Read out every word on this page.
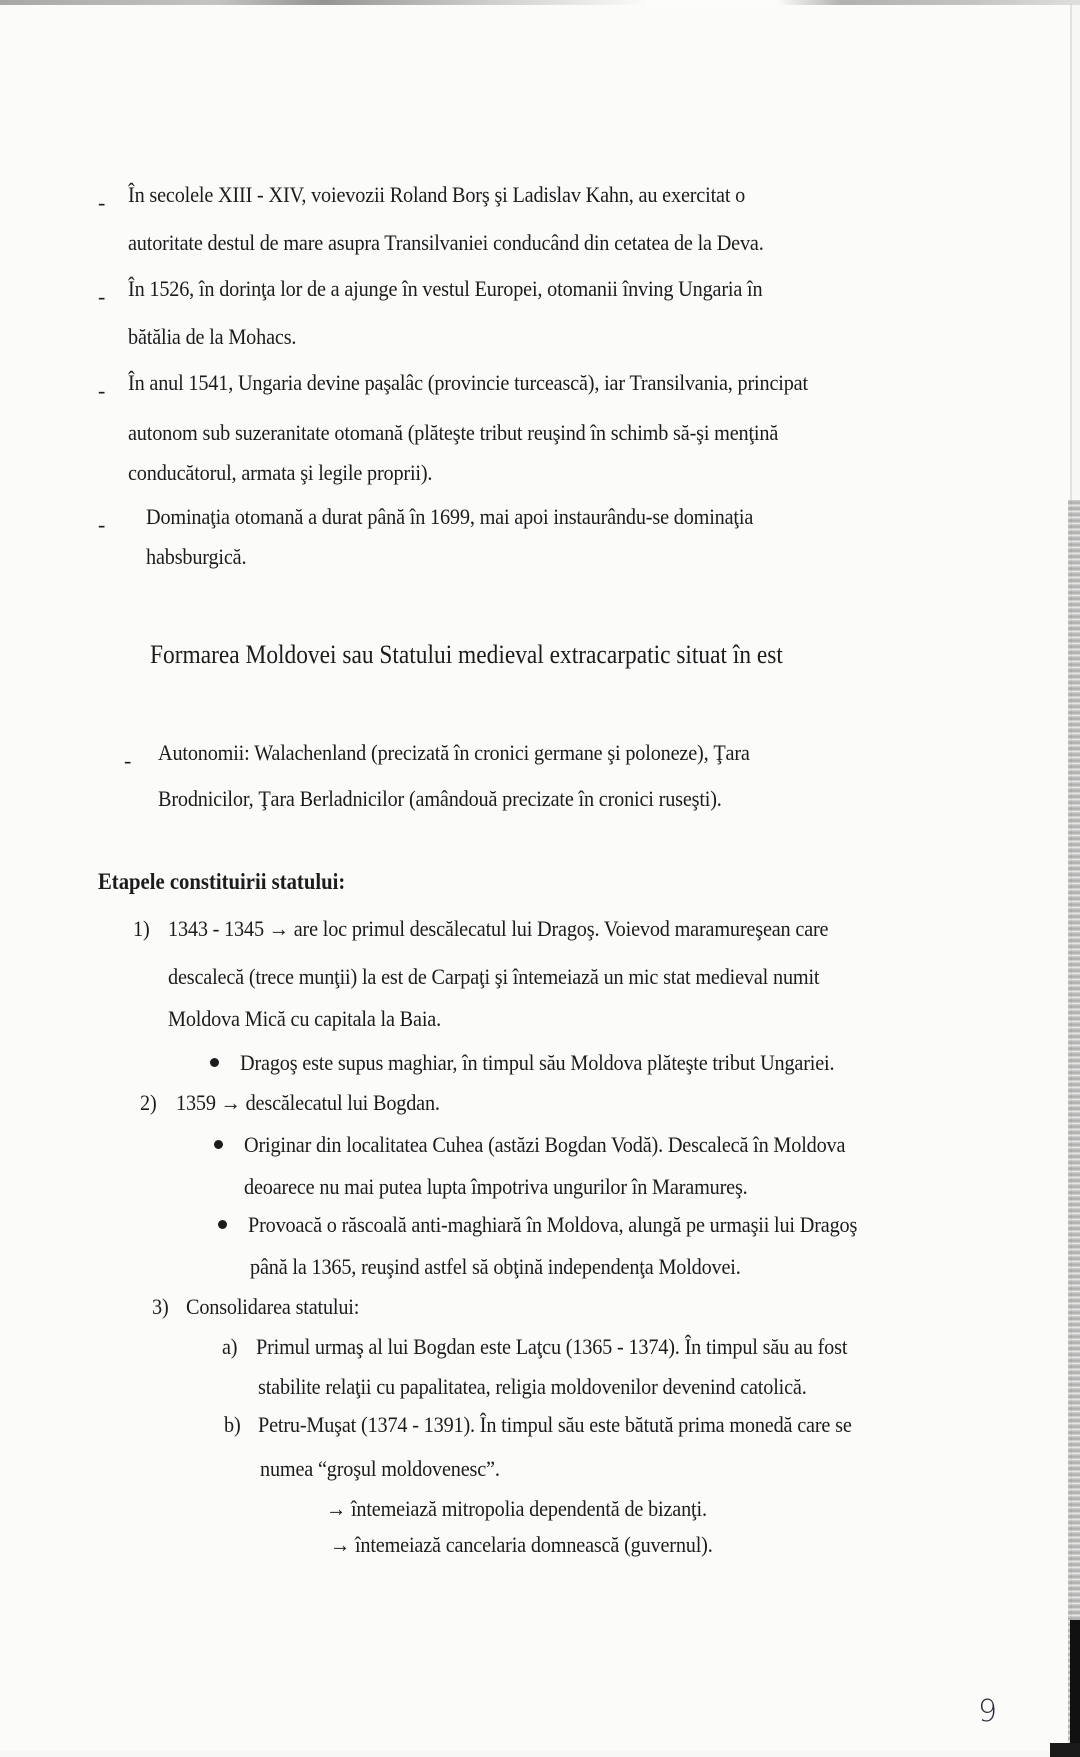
- În secolele XIII - XIV, voievozii Roland Borş şi Ladislav Kahn, au exercitat o
autoritate destul de mare asupra Transilvaniei conducând din cetatea de la Deva.
- În 1526, în dorinţa lor de a ajunge în vestul Europei, otomanii înving Ungaria în
bătălia de la Mohacs.
- În anul 1541, Ungaria devine paşalâc (provincie turcească), iar Transilvania, principat
autonom sub suzeranitate otomană (plăteşte tribut reuşind în schimb să-şi menţină
conducătorul, armata şi legile proprii).
- Dominaţia otomană a durat până în 1699, mai apoi instaurându-se dominaţia
habsburgică.
Formarea Moldovei sau Statului medieval extracarpatic situat în est
- Autonomii: Walachenland (precizată în cronici germane şi poloneze), Ţara
Brodnicilor, Ţara Berladnicilor (amândouă precizate în cronici ruseşti).
Etapele constituirii statului:
1) 1343 - 1345 → are loc primul descălecatul lui Dragoş. Voievod maramureşean care
descalecă (trece munţii) la est de Carpaţi şi întemeiază un mic stat medieval numit
Moldova Mică cu capitala la Baia.
Dragoş este supus maghiar, în timpul său Moldova plăteşte tribut Ungariei.
2) 1359 → descălecatul lui Bogdan.
Originar din localitatea Cuhea (astăzi Bogdan Vodă). Descalecă în Moldova
deoarece nu mai putea lupta împotriva ungurilor în Maramureş.
Provoacă o răscoală anti-maghiară în Moldova, alungă pe urmaşii lui Dragoş
până la 1365, reuşind astfel să obţină independenţa Moldovei.
3) Consolidarea statului:
a) Primul urmaş al lui Bogdan este Laţcu (1365 - 1374). În timpul său au fost
stabilite relaţii cu papalitatea, religia moldovenilor devenind catolică.
b) Petru-Muşat (1374 - 1391). În timpul său este bătută prima monedă care se
numea “groşul moldovenesc”.
→ întemeiază mitropolia dependentă de bizanţi.
→ întemeiază cancelaria domnească (guvernul).
9
